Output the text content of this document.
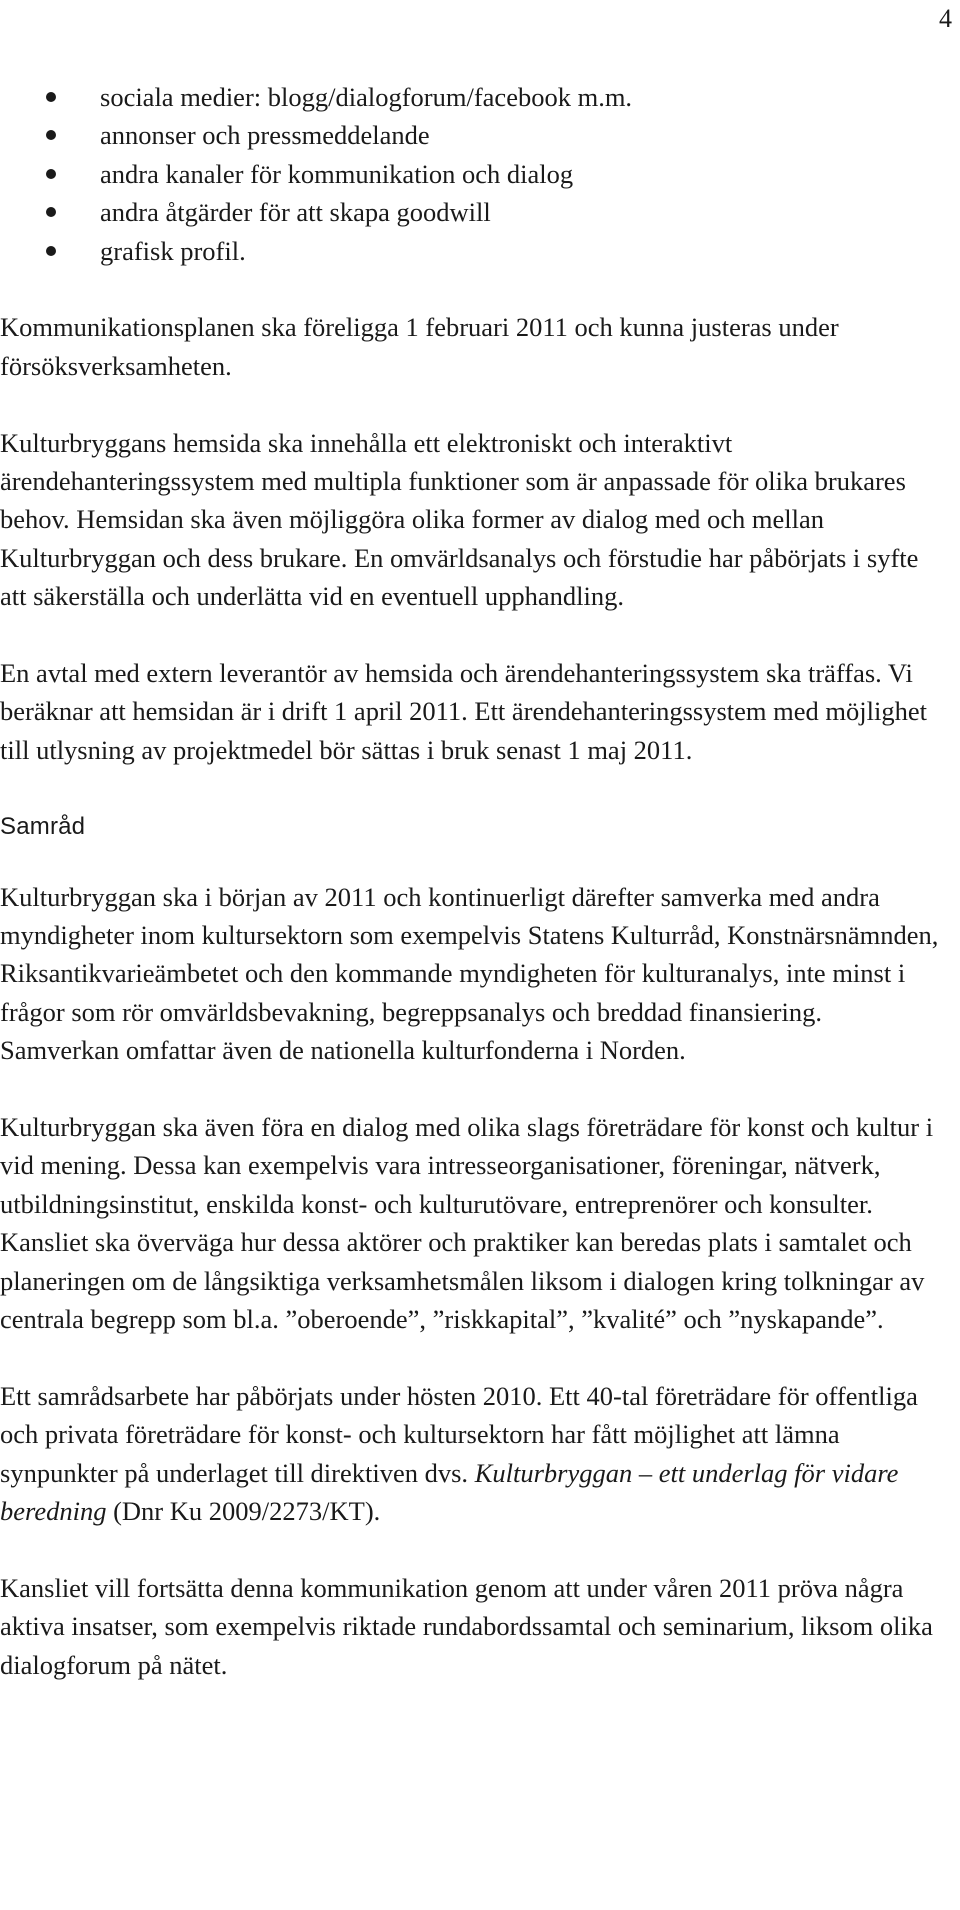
4
sociala medier: blogg/dialogforum/facebook m.m.
annonser och pressmeddelande
andra kanaler för kommunikation och dialog
andra åtgärder för att skapa goodwill
grafisk profil.

Kommunikationsplanen ska föreligga 1 februari 2011 och kunna justeras under försöksverksamheten.

Kulturbryggans hemsida ska innehålla ett elektroniskt och interaktivt ärendehanteringssystem med multipla funktioner som är anpassade för olika brukares behov. Hemsidan ska även möjliggöra olika former av dialog med och mellan Kulturbryggan och dess brukare. En omvärldsanalys och förstudie har påbörjats i syfte att säkerställa och underlätta vid en eventuell upphandling.

En avtal med extern leverantör av hemsida och ärendehanteringssystem ska träffas. Vi beräknar att hemsidan är i drift 1 april 2011. Ett ärendehanteringssystem med möjlighet till utlysning av projektmedel bör sättas i bruk senast 1 maj 2011.

Samråd

Kulturbryggan ska i början av 2011 och kontinuerligt därefter samverka med andra myndigheter inom kultursektorn som exempelvis Statens Kulturråd, Konstnärsnämnden, Riksantikvarieämbetet och den kommande myndigheten för kulturanalys, inte minst i frågor som rör omvärldsbevakning, begreppsanalys och breddad finansiering. Samverkan omfattar även de nationella kulturfonderna i Norden.

Kulturbryggan ska även föra en dialog med olika slags företrädare för konst och kultur i vid mening. Dessa kan exempelvis vara intresseorganisationer, föreningar, nätverk, utbildningsinstitut, enskilda konst- och kulturutövare, entreprenörer och konsulter. Kansliet ska överväga hur dessa aktörer och praktiker kan beredas plats i samtalet och planeringen om de långsiktiga verksamhetsmålen liksom i dialogen kring tolkningar av centrala begrepp som bl.a. ”oberoende”, ”riskkapital”, ”kvalité” och ”nyskapande”.

Ett samrådsarbete har påbörjats under hösten 2010. Ett 40-tal företrädare för offentliga och privata företrädare för konst- och kultursektorn har fått möjlighet att lämna synpunkter på underlaget till direktiven dvs. Kulturbryggan – ett underlag för vidare beredning (Dnr Ku 2009/2273/KT).

Kansliet vill fortsätta denna kommunikation genom att under våren 2011 pröva några aktiva insatser, som exempelvis riktade rundabordssamtal och seminarium, liksom olika dialogforum på nätet.
